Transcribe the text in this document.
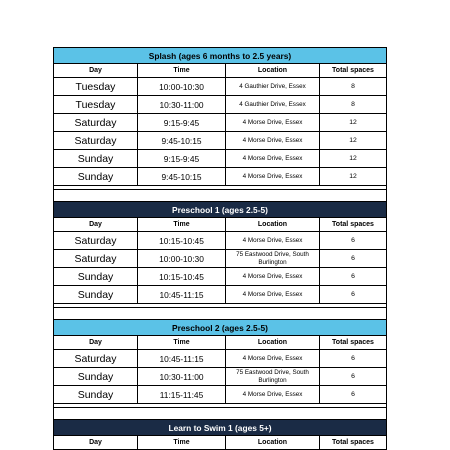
Splash (ages 6 months to 2.5 years)			
Day	Time	Location	Total spaces
Tuesday	10:00-10:30	4 Gauthier Drive, Essex	8
Tuesday	10:30-11:00	4 Gauthier Drive, Essex	8
Saturday	9:15-9:45	4 Morse Drive, Essex	12
Saturday	9:45-10:15	4 Morse Drive, Essex	12
Sunday	9:15-9:45	4 Morse Drive, Essex	12
Sunday	9:45-10:15	4 Morse Drive, Essex	12

Preschool 1 (ages 2.5-5)			
Day	Time	Location	Total spaces
Saturday	10:15-10:45	4 Morse Drive, Essex	6
Saturday	10:00-10:30	75 Eastwood Drive, South Burlington	6
Sunday	10:15-10:45	4 Morse Drive, Essex	6
Sunday	10:45-11:15	4 Morse Drive, Essex	6

Preschool 2 (ages 2.5-5)			
Day	Time	Location	Total spaces
Saturday	10:45-11:15	4 Morse Drive, Essex	6
Sunday	10:30-11:00	75 Eastwood Drive, South Burlington	6
Sunday	11:15-11:45	4 Morse Drive, Essex	6

Learn to Swim 1 (ages 5+)			
Day	Time	Location	Total spaces
